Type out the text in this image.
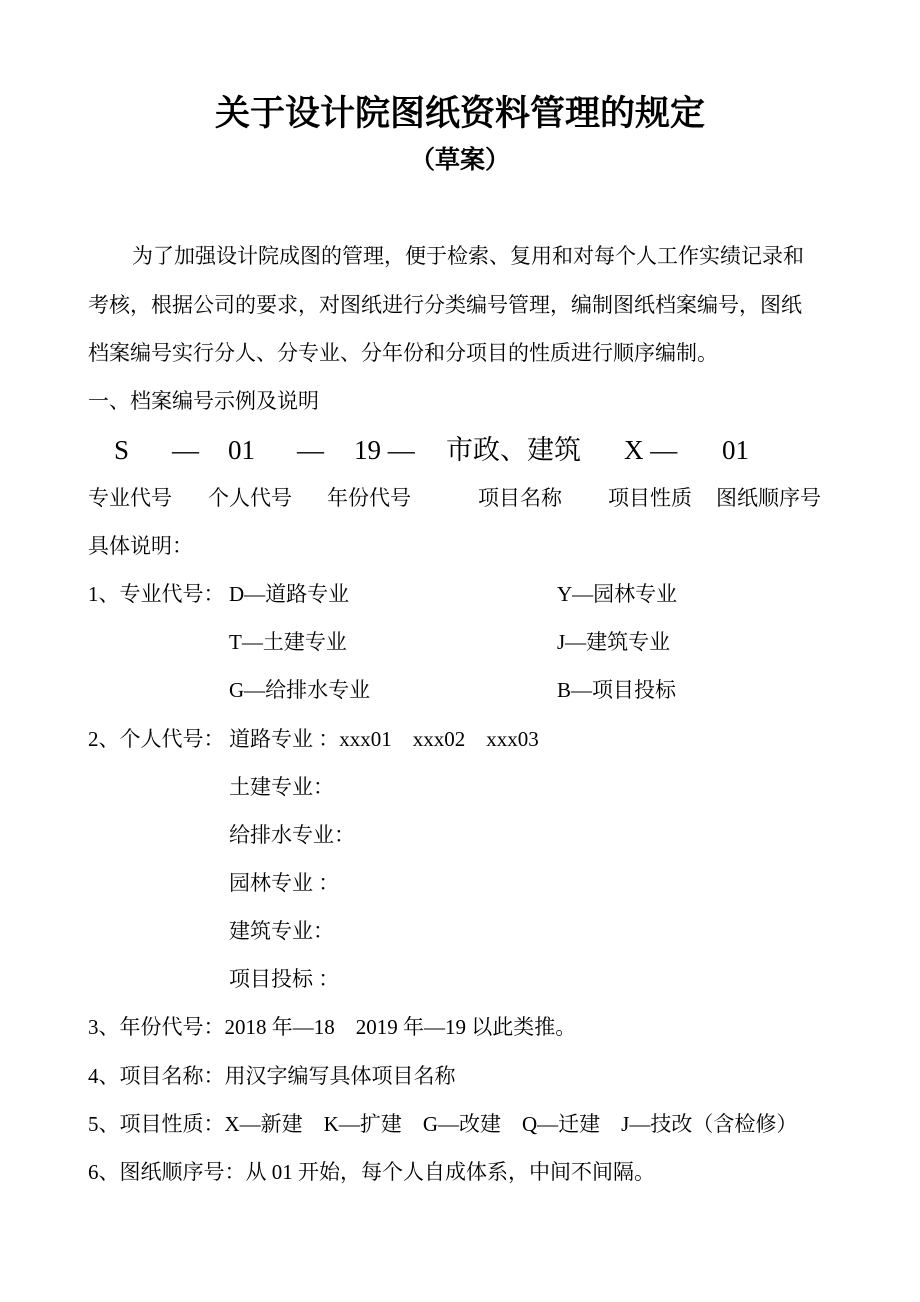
关于设计院图纸资料管理的规定
（草案）
为了加强设计院成图的管理，便于检索、复用和对每个人工作实绩记录和
考核，根据公司的要求，对图纸进行分类编号管理，编制图纸档案编号，图纸
档案编号实行分人、分专业、分年份和分项目的性质进行顺序编制。
一、档案编号示例及说明
S — 01 — 19 — 市政、建筑 X — 01
专业代号 个人代号 年份代号	项目名称 项目性质 图纸顺序号
具体说明：
1、专业代号： D—道路专业	Y—园林专业
T—土建专业	J—建筑专业
G—给排水专业	B—项目投标
2、个人代号： 道路专业 ：xxx01　xxx02　xxx03
土建专业：
给排水专业：
园林专业 ：
建筑专业：
项目投标 ：
3、年份代号：2018 年—18　2019 年—19 以此类推。
4、项目名称：用汉字编写具体项目名称
5、项目性质：X—新建　K—扩建　G—改建　Q—迁建　J—技改（含检修）
6、图纸顺序号：从 01 开始，每个人自成体系，中间不间隔。
